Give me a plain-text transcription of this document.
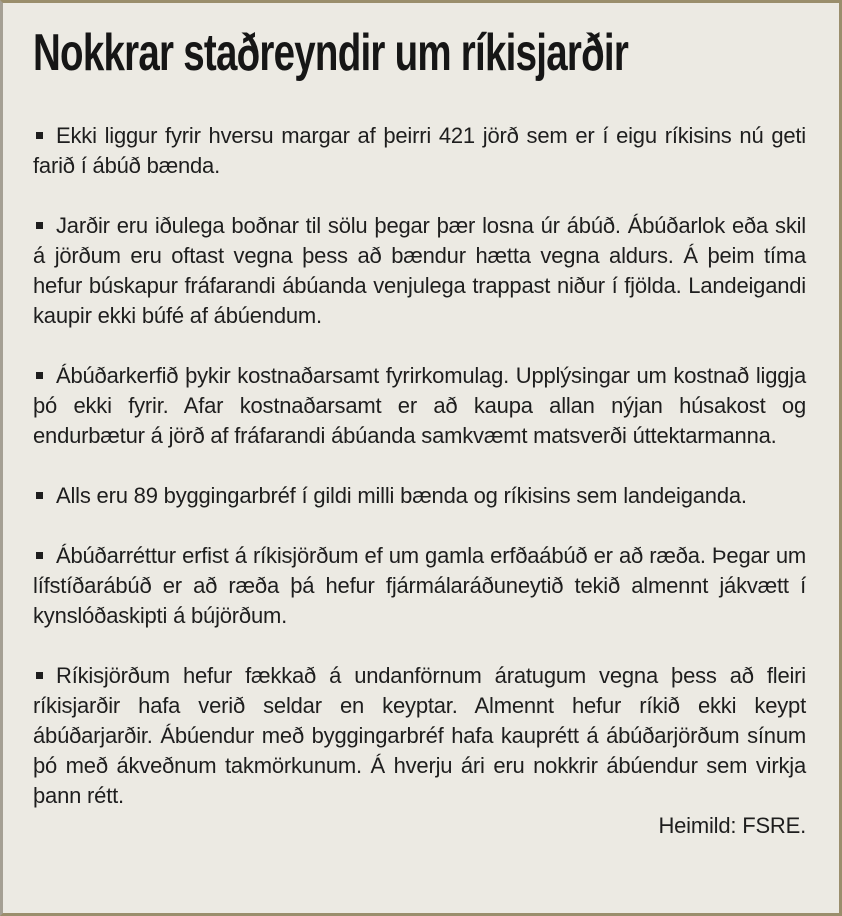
Nokkrar staðreyndir um ríkisjarðir

Ekki liggur fyrir hversu margar af þeirri 421 jörð sem er í eigu ríkisins nú geti farið í ábúð bænda.

Jarðir eru iðulega boðnar til sölu þegar þær losna úr ábúð. Ábúðarlok eða skil á jörðum eru oftast vegna þess að bændur hætta vegna aldurs. Á þeim tíma hefur búskapur fráfarandi ábúanda venjulega trappast niður í fjölda. Landeigandi kaupir ekki búfé af ábúendum.

Ábúðarkerfið þykir kostnaðarsamt fyrirkomulag. Upplýsingar um kostnað liggja þó ekki fyrir. Afar kostnaðarsamt er að kaupa allan nýjan húsakost og endurbætur á jörð af fráfarandi ábúanda samkvæmt matsverði úttektarmanna.

Alls eru 89 byggingarbréf í gildi milli bænda og ríkisins sem landeiganda.

Ábúðarréttur erfist á ríkisjörðum ef um gamla erfðaábúð er að ræða. Þegar um lífstíðarábúð er að ræða þá hefur fjármálaráðuneytið tekið almennt jákvætt í kynslóðaskipti á bújörðum.

Ríkisjörðum hefur fækkað á undanförnum áratugum vegna þess að fleiri ríkisjarðir hafa verið seldar en keyptar. Almennt hefur ríkið ekki keypt ábúðarjarðir. Ábúendur með byggingarbréf hafa kauprétt á ábúðarjörðum sínum þó með ákveðnum takmörkunum. Á hverju ári eru nokkrir ábúendur sem virkja þann rétt.

Heimild: FSRE.
